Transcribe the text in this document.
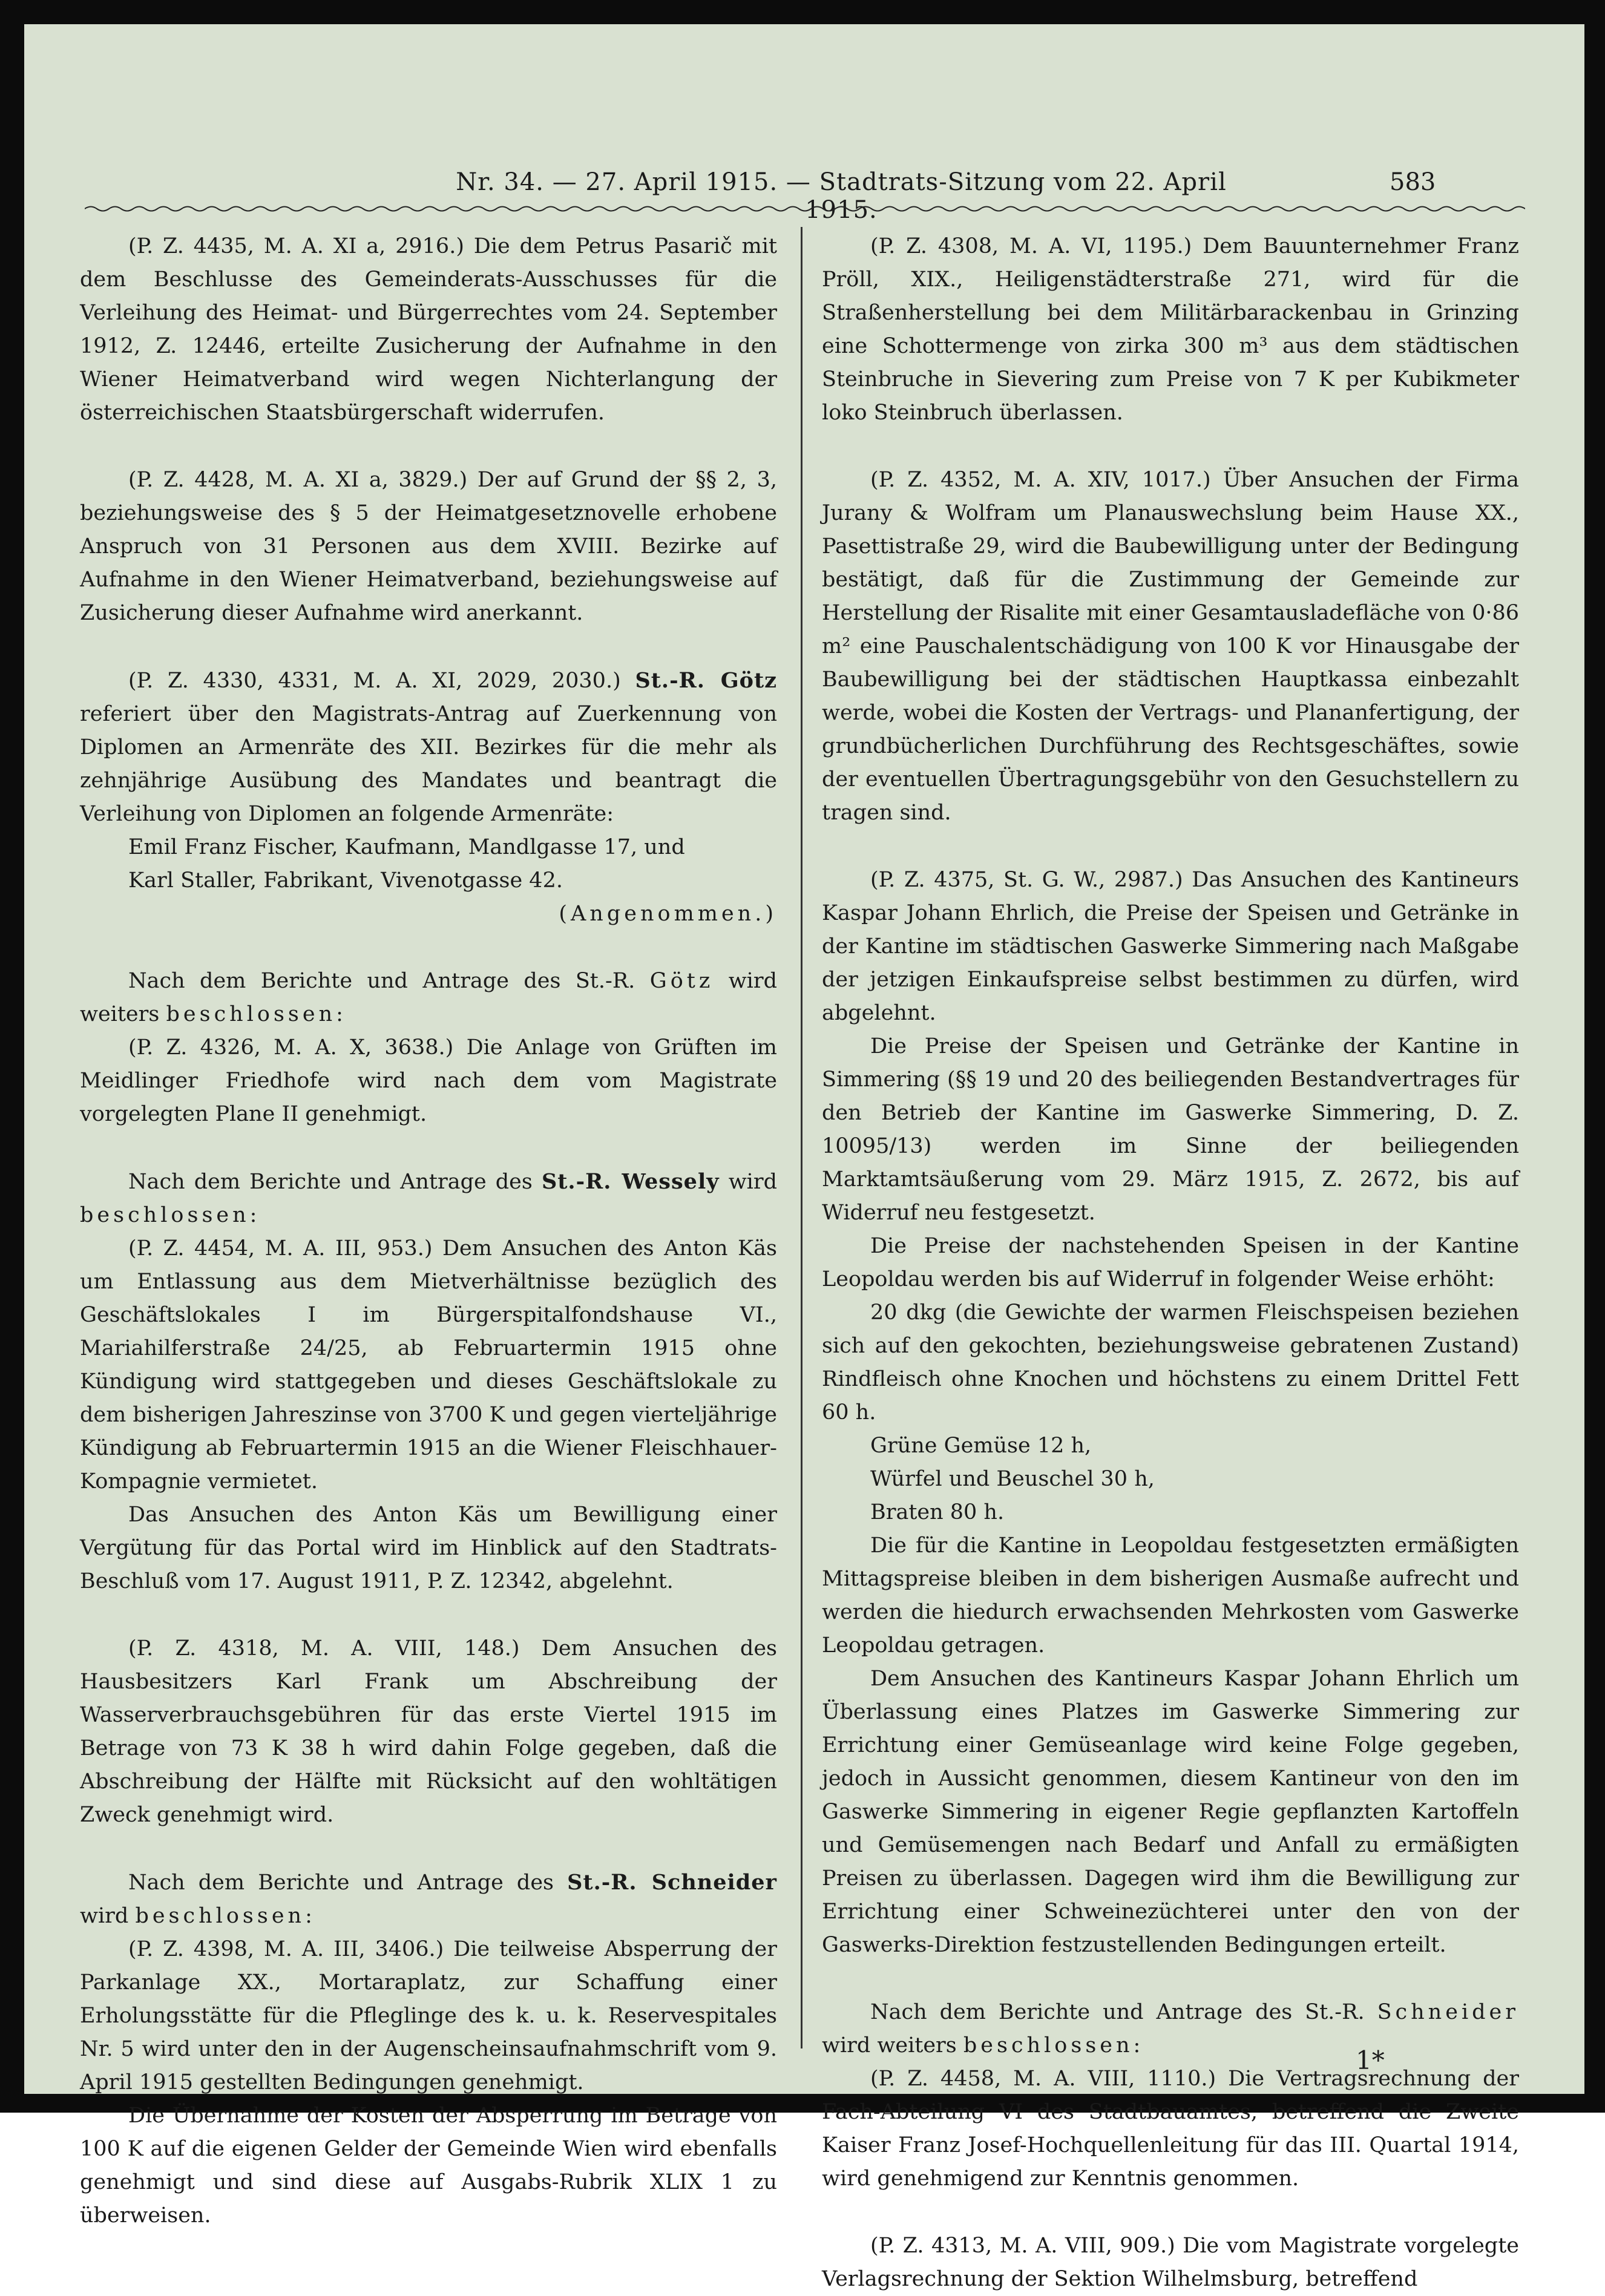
Nr. 34. — 27. April 1915. — Stadtrats-Sitzung vom 22. April 1915.
583

(P. Z. 4435, M. A. XI a, 2916.) Die dem Petrus Pasarič mit dem Beschlusse des Gemeinderats-Ausschusses für die Verleihung des Heimat- und Bürgerrechtes vom 24. September 1912, Z. 12446, erteilte Zusicherung der Aufnahme in den Wiener Heimatverband wird wegen Nichterlangung der österreichischen Staatsbürgerschaft widerrufen.

(P. Z. 4428, M. A. XI a, 3829.) Der auf Grund der §§ 2, 3, beziehungsweise des § 5 der Heimatgesetznovelle erhobene Anspruch von 31 Personen aus dem XVIII. Bezirke auf Aufnahme in den Wiener Heimatverband, beziehungsweise auf Zusicherung dieser Aufnahme wird anerkannt.

(P. Z. 4330, 4331, M. A. XI, 2029, 2030.) St.-R. Götz referiert über den Magistrats-Antrag auf Zuerkennung von Diplomen an Armenräte des XII. Bezirkes für die mehr als zehnjährige Ausübung des Mandates und beantragt die Verleihung von Diplomen an folgende Armenräte:

Emil Franz Fischer, Kaufmann, Mandlgasse 17, und

Karl Staller, Fabrikant, Vivenotgasse 42.

(Angenommen.)

Nach dem Berichte und Antrage des St.-R. Götz wird weiters beschlossen:

(P. Z. 4326, M. A. X, 3638.) Die Anlage von Grüften im Meidlinger Friedhofe wird nach dem vom Magistrate vorgelegten Plane II genehmigt.

Nach dem Berichte und Antrage des St.-R. Wessely wird beschlossen:

(P. Z. 4454, M. A. III, 953.) Dem Ansuchen des Anton Käs um Entlassung aus dem Mietverhältnisse bezüglich des Geschäftslokales I im Bürgerspitalfondshause VI., Mariahilferstraße 24/25, ab Februartermin 1915 ohne Kündigung wird stattgegeben und dieses Geschäftslokale zu dem bisherigen Jahreszinse von 3700 K und gegen vierteljährige Kündigung ab Februartermin 1915 an die Wiener Fleischhauer-Kompagnie vermietet.

Das Ansuchen des Anton Käs um Bewilligung einer Vergütung für das Portal wird im Hinblick auf den Stadtrats-Beschluß vom 17. August 1911, P. Z. 12342, abgelehnt.

(P. Z. 4318, M. A. VIII, 148.) Dem Ansuchen des Hausbesitzers Karl Frank um Abschreibung der Wasserverbrauchsgebühren für das erste Viertel 1915 im Betrage von 73 K 38 h wird dahin Folge gegeben, daß die Abschreibung der Hälfte mit Rücksicht auf den wohltätigen Zweck genehmigt wird.

Nach dem Berichte und Antrage des St.-R. Schneider wird beschlossen:

(P. Z. 4398, M. A. III, 3406.) Die teilweise Absperrung der Parkanlage XX., Mortaraplatz, zur Schaffung einer Erholungsstätte für die Pfleglinge des k. u. k. Reservespitales Nr. 5 wird unter den in der Augenscheinsaufnahmschrift vom 9. April 1915 gestellten Bedingungen genehmigt.

Die Übernahme der Kosten der Absperrung im Betrage von 100 K auf die eigenen Gelder der Gemeinde Wien wird ebenfalls genehmigt und sind diese auf Ausgabs-Rubrik XLIX 1 zu überweisen.

(P. Z. 4308, M. A. VI, 1195.) Dem Bauunternehmer Franz Pröll, XIX., Heiligenstädterstraße 271, wird für die Straßenherstellung bei dem Militärbarackenbau in Grinzing eine Schottermenge von zirka 300 m³ aus dem städtischen Steinbruche in Sievering zum Preise von 7 K per Kubikmeter loko Steinbruch überlassen.

(P. Z. 4352, M. A. XIV, 1017.) Über Ansuchen der Firma Jurany & Wolfram um Planauswechslung beim Hause XX., Pasettistraße 29, wird die Baubewilligung unter der Bedingung bestätigt, daß für die Zustimmung der Gemeinde zur Herstellung der Risalite mit einer Gesamtausladefläche von 0·86 m² eine Pauschalentschädigung von 100 K vor Hinausgabe der Baubewilligung bei der städtischen Hauptkassa einbezahlt werde, wobei die Kosten der Vertrags- und Plananfertigung, der grundbücherlichen Durchführung des Rechtsgeschäftes, sowie der eventuellen Übertragungsgebühr von den Gesuchstellern zu tragen sind.

(P. Z. 4375, St. G. W., 2987.) Das Ansuchen des Kantineurs Kaspar Johann Ehrlich, die Preise der Speisen und Getränke in der Kantine im städtischen Gaswerke Simmering nach Maßgabe der jetzigen Einkaufspreise selbst bestimmen zu dürfen, wird abgelehnt.

Die Preise der Speisen und Getränke der Kantine in Simmering (§§ 19 und 20 des beiliegenden Bestandvertrages für den Betrieb der Kantine im Gaswerke Simmering, D. Z. 10095/13) werden im Sinne der beiliegenden Marktamtsäußerung vom 29. März 1915, Z. 2672, bis auf Widerruf neu festgesetzt.

Die Preise der nachstehenden Speisen in der Kantine Leopoldau werden bis auf Widerruf in folgender Weise erhöht:

20 dkg (die Gewichte der warmen Fleischspeisen beziehen sich auf den gekochten, beziehungsweise gebratenen Zustand) Rindfleisch ohne Knochen und höchstens zu einem Drittel Fett 60 h.

Grüne Gemüse 12 h,

Würfel und Beuschel 30 h,

Braten 80 h.

Die für die Kantine in Leopoldau festgesetzten ermäßigten Mittagspreise bleiben in dem bisherigen Ausmaße aufrecht und werden die hiedurch erwachsenden Mehrkosten vom Gaswerke Leopoldau getragen.

Dem Ansuchen des Kantineurs Kaspar Johann Ehrlich um Überlassung eines Platzes im Gaswerke Simmering zur Errichtung einer Gemüseanlage wird keine Folge gegeben, jedoch in Aussicht genommen, diesem Kantineur von den im Gaswerke Simmering in eigener Regie gepflanzten Kartoffeln und Gemüsemengen nach Bedarf und Anfall zu ermäßigten Preisen zu überlassen. Dagegen wird ihm die Bewilligung zur Errichtung einer Schweinezüchterei unter den von der Gaswerks-Direktion festzustellenden Bedingungen erteilt.

Nach dem Berichte und Antrage des St.-R. Schneider wird weiters beschlossen:

(P. Z. 4458, M. A. VIII, 1110.) Die Vertragsrechnung der Fach-Abteilung VI des Stadtbauamtes, betreffend die Zweite Kaiser Franz Josef-Hochquellenleitung für das III. Quartal 1914, wird genehmigend zur Kenntnis genommen.

(P. Z. 4313, M. A. VIII, 909.) Die vom Magistrate vorgelegte Verlagsrechnung der Sektion Wilhelmsburg, betreffend

1*
